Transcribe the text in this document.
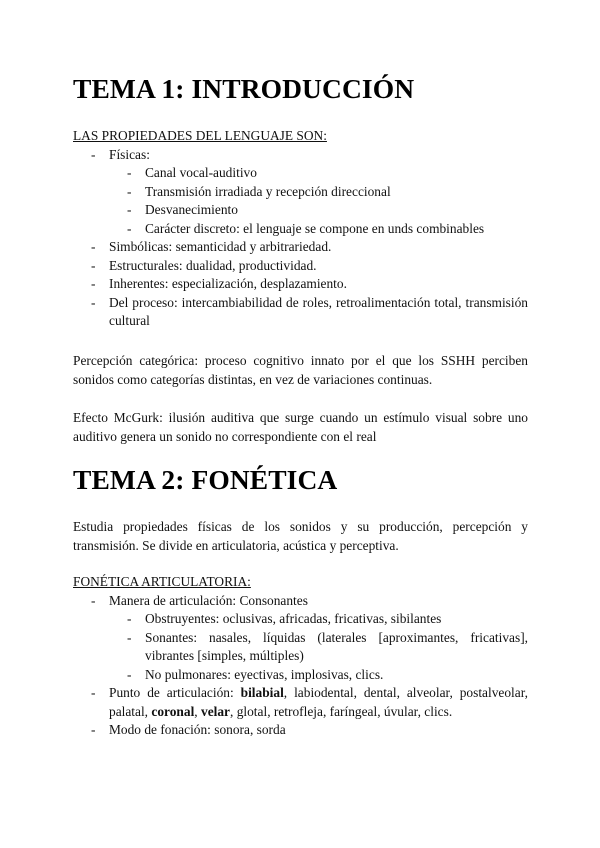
TEMA 1: INTRODUCCIÓN
LAS PROPIEDADES DEL LENGUAJE SON:
- Físicas:
- Canal vocal-auditivo
- Transmisión irradiada y recepción direccional
- Desvanecimiento
- Carácter discreto: el lenguaje se compone en unds combinables
- Simbólicas: semanticidad y arbitrariedad.
- Estructurales: dualidad, productividad.
- Inherentes: especialización, desplazamiento.
- Del proceso: intercambiabilidad de roles, retroalimentación total, transmisión cultural

Percepción categórica: proceso cognitivo innato por el que los SSHH perciben sonidos como categorías distintas, en vez de variaciones continuas.

Efecto McGurk: ilusión auditiva que surge cuando un estímulo visual sobre uno auditivo genera un sonido no correspondiente con el real

TEMA 2: FONÉTICA

Estudia propiedades físicas de los sonidos y su producción, percepción y transmisión. Se divide en articulatoria, acústica y perceptiva.

FONÉTICA ARTICULATORIA:
- Manera de articulación: Consonantes
- Obstruyentes: oclusivas, africadas, fricativas, sibilantes
- Sonantes: nasales, líquidas (laterales [aproximantes, fricativas], vibrantes [simples, múltiples)
- No pulmonares: eyectivas, implosivas, clics.
- Punto de articulación: bilabial, labiodental, dental, alveolar, postalveolar, palatal, coronal, velar, glotal, retrofleja, faríngeal, úvular, clics.
- Modo de fonación: sonora, sorda
